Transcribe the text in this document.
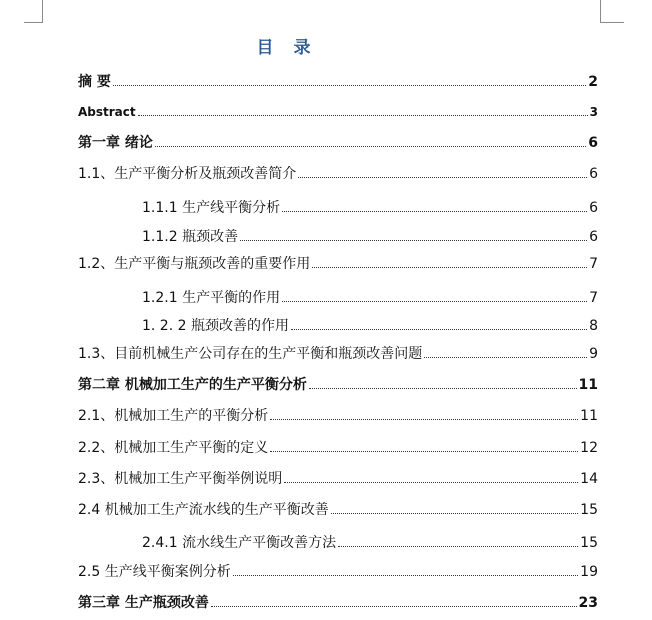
目 录
摘 要	2
Abstract	3
第一章 绪论	6
1.1、生产平衡分析及瓶颈改善简介	6
1.1.1 生产线平衡分析	6
1.1.2 瓶颈改善	6
1.2、生产平衡与瓶颈改善的重要作用	7
1.2.1 生产平衡的作用	7
1. 2. 2 瓶颈改善的作用	8
1.3、目前机械生产公司存在的生产平衡和瓶颈改善问题	9
第二章 机械加工生产的生产平衡分析	11
2.1、机械加工生产的平衡分析	11
2.2、机械加工生产平衡的定义	12
2.3、机械加工生产平衡举例说明	14
2.4 机械加工生产流水线的生产平衡改善	15
2.4.1 流水线生产平衡改善方法	15
2.5 生产线平衡案例分析	19
第三章 生产瓶颈改善	23
